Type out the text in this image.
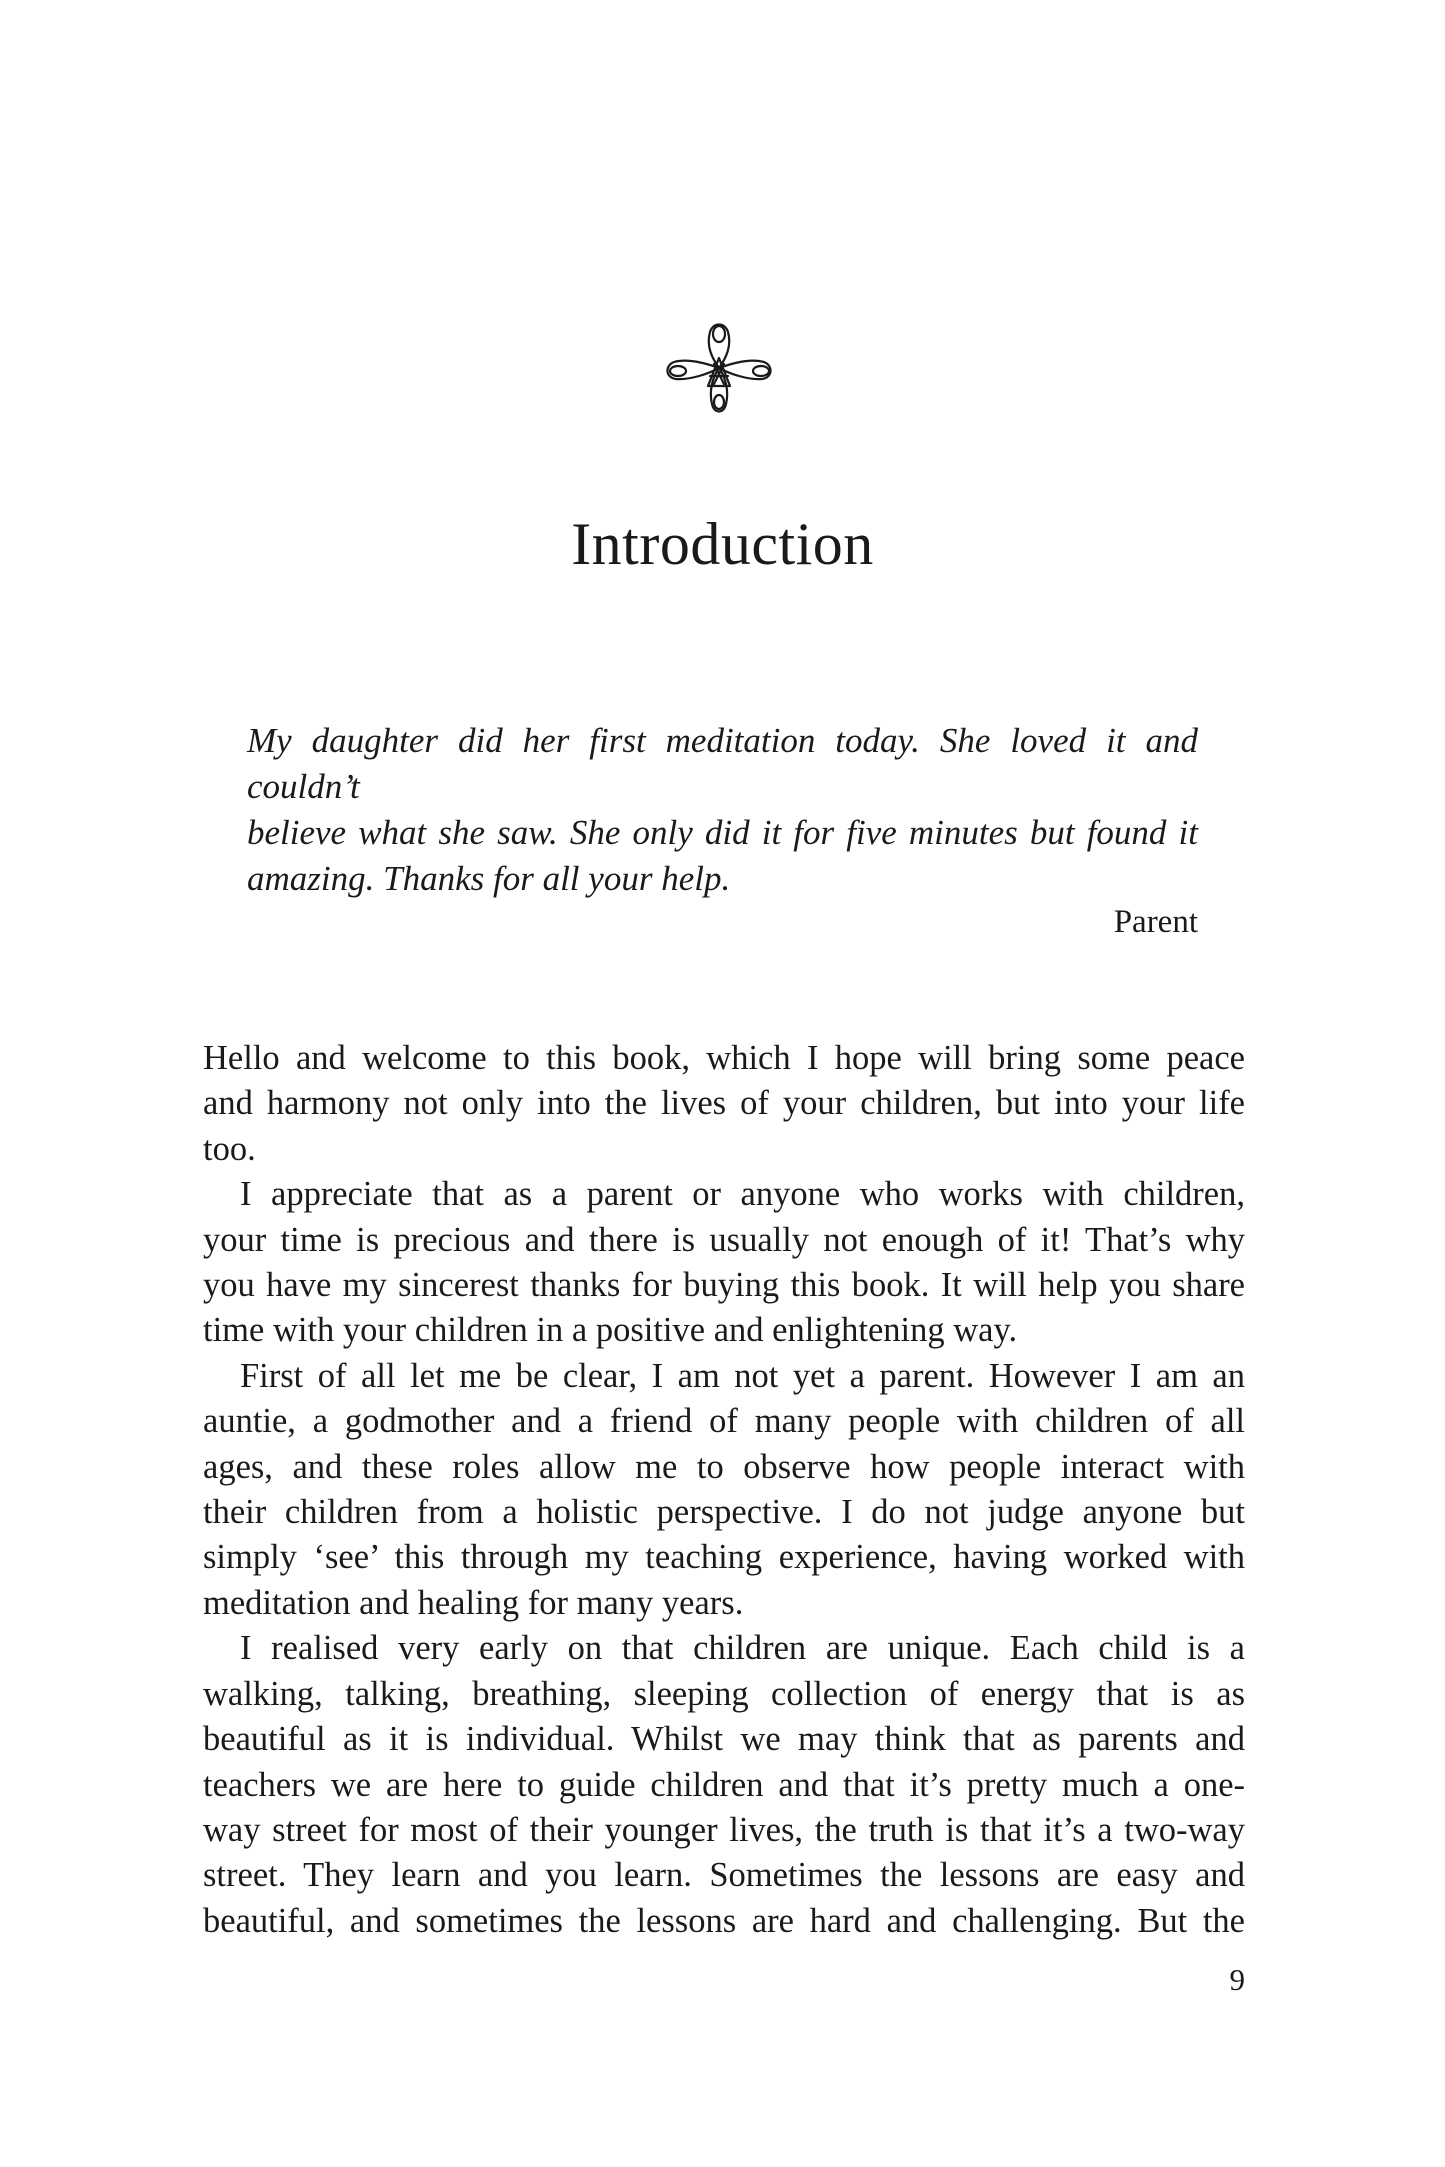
Introduction
My daughter did her first meditation today. She loved it and couldn’t
believe what she saw. She only did it for five minutes but found it
amazing. Thanks for all your help.

Parent

Hello and welcome to this book, which I hope will bring some peace
and harmony not only into the lives of your children, but into your life
too.
I appreciate that as a parent or anyone who works with children,
your time is precious and there is usually not enough of it! That’s why
you have my sincerest thanks for buying this book. It will help you share
time with your children in a positive and enlightening way.
First of all let me be clear, I am not yet a parent. However I am an
auntie, a godmother and a friend of many people with children of all
ages, and these roles allow me to observe how people interact with
their children from a holistic perspective. I do not judge anyone but
simply ‘see’ this through my teaching experience, having worked with
meditation and healing for many years.
I realised very early on that children are unique. Each child is a
walking, talking, breathing, sleeping collection of energy that is as
beautiful as it is individual. Whilst we may think that as parents and
teachers we are here to guide children and that it’s pretty much a one-
way street for most of their younger lives, the truth is that it’s a two-way
street. They learn and you learn. Sometimes the lessons are easy and
beautiful, and sometimes the lessons are hard and challenging. But the

9
